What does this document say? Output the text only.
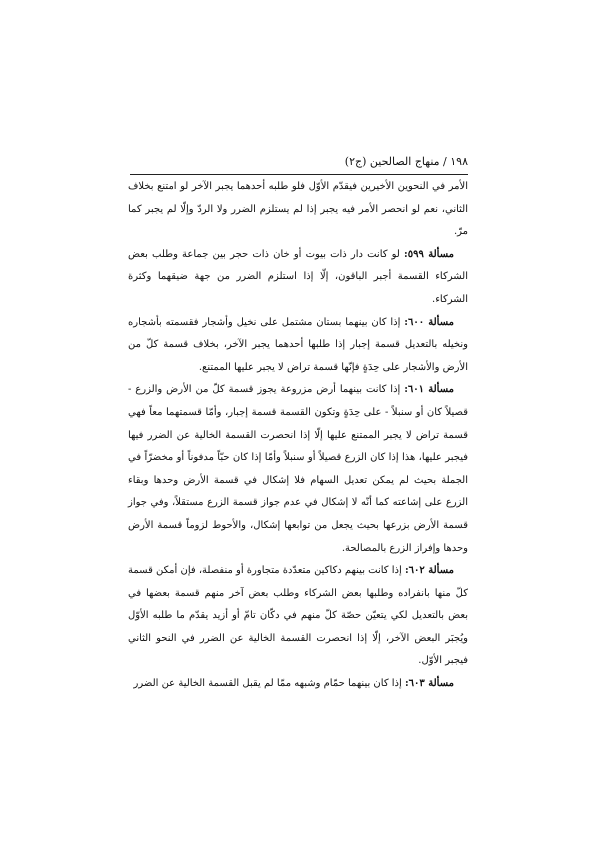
١٩٨ / منهاج الصالحين (ج٢)

الأمر في النحوين الأخيرين فيقدّم الأوّل فلو طلبه أحدهما يجبر الآخر لو امتنع بخلاف الثاني، نعم لو انحصر الأمر فيه يجبر إذا لم يستلزم الضرر ولا الردّ وإلّا لم يجبر كما مرّ.

مسألة ٥٩٩: لو كانت دار ذات بيوت أو خان ذات حجر بين جماعة وطلب بعض الشركاء القسمة أجبر الباقون، إلّا إذا استلزم الضرر من جهة ضيقهما وكثرة الشركاء.

مسألة ٦٠٠: إذا كان بينهما بستان مشتمل على نخيل وأشجار فقسمته بأشجاره ونخيله بالتعديل قسمة إجبار إذا طلبها أحدهما يجبر الآخر، بخلاف قسمة كلّ من الأرض والأشجار على حِدَةٍ فإنّها قسمة تراض لا يجبر عليها الممتنع.

مسألة ٦٠١: إذا كانت بينهما أرض مزروعة يجوز قسمة كلّ من الأرض والزرع - قصيلاً كان أو سنبلاً - على حِدَةٍ وتكون القسمة قسمة إجبار، وأمّا قسمتهما معاً فهي قسمة تراض لا يجبر الممتنع عليها إلّا إذا انحصرت القسمة الخالية عن الضرر فيها فيجبر عليها، هذا إذا كان الزرع قصيلاً أو سنبلاً وأمّا إذا كان حبّاً مدفوناً أو مخضرّاً في الجملة بحيث لم يمكن تعديل السهام فلا إشكال في قسمة الأرض وحدها وبقاء الزرع على إشاعته كما أنّه لا إشكال في عدم جواز قسمة الزرع مستقلاً، وفي جواز قسمة الأرض بزرعها بحيث يجعل من توابعها إشكال، والأحوط لزوماً قسمة الأرض وحدها وإفراز الزرع بالمصالحة.

مسألة ٦٠٢: إذا كانت بينهم دكاكين متعدّدة متجاورة أو منفصلة، فإن أمكن قسمة كلّ منها بانفراده وطلبها بعض الشركاء وطلب بعض آخر منهم قسمة بعضها في بعض بالتعديل لكي يتعيّن حصّة كلّ منهم في دكّان تامّ أو أزيد يقدّم ما طلبه الأوّل ويُجبَر البعض الآخر، إلّا إذا انحصرت القسمة الخالية عن الضرر في النحو الثاني فيجبر الأوّل.

مسألة ٦٠٣: إذا كان بينهما حمّام وشبهه ممّا لم يقبل القسمة الخالية عن الضرر
